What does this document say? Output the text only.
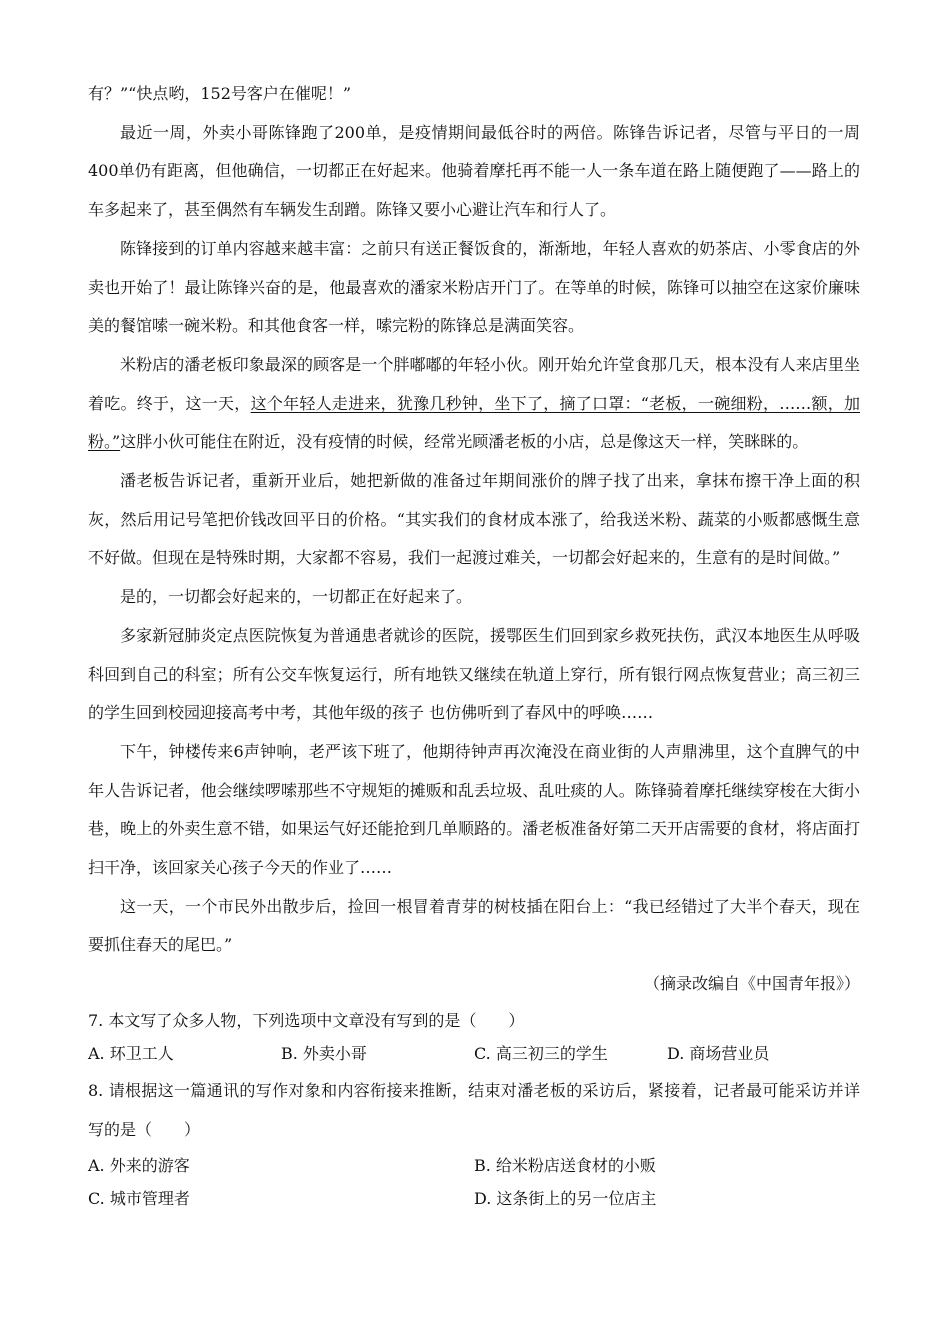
有？”“快点哟，152号客户在催呢！”

最近一周，外卖小哥陈锋跑了200单，是疫情期间最低谷时的两倍。陈锋告诉记者，尽管与平日的一周400单仍有距离，但他确信，一切都正在好起来。他骑着摩托再不能一人一条车道在路上随便跑了——路上的车多起来了，甚至偶然有车辆发生刮蹭。陈锋又要小心避让汽车和行人了。

陈锋接到的订单内容越来越丰富：之前只有送正餐饭食的，渐渐地，年轻人喜欢的奶茶店、小零食店的外卖也开始了！最让陈锋兴奋的是，他最喜欢的潘家米粉店开门了。在等单的时候，陈锋可以抽空在这家价廉味美的餐馆嗦一碗米粉。和其他食客一样，嗦完粉的陈锋总是满面笑容。

米粉店的潘老板印象最深的顾客是一个胖嘟嘟的年轻小伙。刚开始允许堂食那几天，根本没有人来店里坐着吃。终于，这一天，这个年轻人走进来，犹豫几秒钟，坐下了，摘了口罩：“老板，一碗细粉，……额，加粉。”这胖小伙可能住在附近，没有疫情的时候，经常光顾潘老板的小店，总是像这天一样，笑眯眯的。

潘老板告诉记者，重新开业后，她把新做的准备过年期间涨价的牌子找了出来，拿抹布擦干净上面的积灰，然后用记号笔把价钱改回平日的价格。“其实我们的食材成本涨了，给我送米粉、蔬菜的小贩都感慨生意不好做。但现在是特殊时期，大家都不容易，我们一起渡过难关，一切都会好起来的，生意有的是时间做。”

是的，一切都会好起来的，一切都正在好起来了。

多家新冠肺炎定点医院恢复为普通患者就诊的医院，援鄂医生们回到家乡救死扶伤，武汉本地医生从呼吸科回到自己的科室；所有公交车恢复运行，所有地铁又继续在轨道上穿行，所有银行网点恢复营业；高三初三的学生回到校园迎接高考中考，其他年级的孩子 也仿佛听到了春风中的呼唤……

下午，钟楼传来6声钟响，老严该下班了，他期待钟声再次淹没在商业街的人声鼎沸里，这个直脾气的中年人告诉记者，他会继续啰嗦那些不守规矩的摊贩和乱丢垃圾、乱吐痰的人。陈锋骑着摩托继续穿梭在大街小巷，晚上的外卖生意不错，如果运气好还能抢到几单顺路的。潘老板准备好第二天开店需要的食材，将店面打扫干净，该回家关心孩子今天的作业了……

这一天，一个市民外出散步后，捡回一根冒着青芽的树枝插在阳台上：“我已经错过了大半个春天，现在要抓住春天的尾巴。”

（摘录改编自《中国青年报》）

7. 本文写了众多人物，下列选项中文章没有写到的是（　　）

A. 环卫工人	B. 外卖小哥	C. 高三初三的学生	D. 商场营业员

8. 请根据这一篇通讯的写作对象和内容衔接来推断，结束对潘老板的采访后，紧接着，记者最可能采访并详写的是（　　）

A. 外来的游客	B. 给米粉店送食材的小贩
C. 城市管理者	D. 这条街上的另一位店主
